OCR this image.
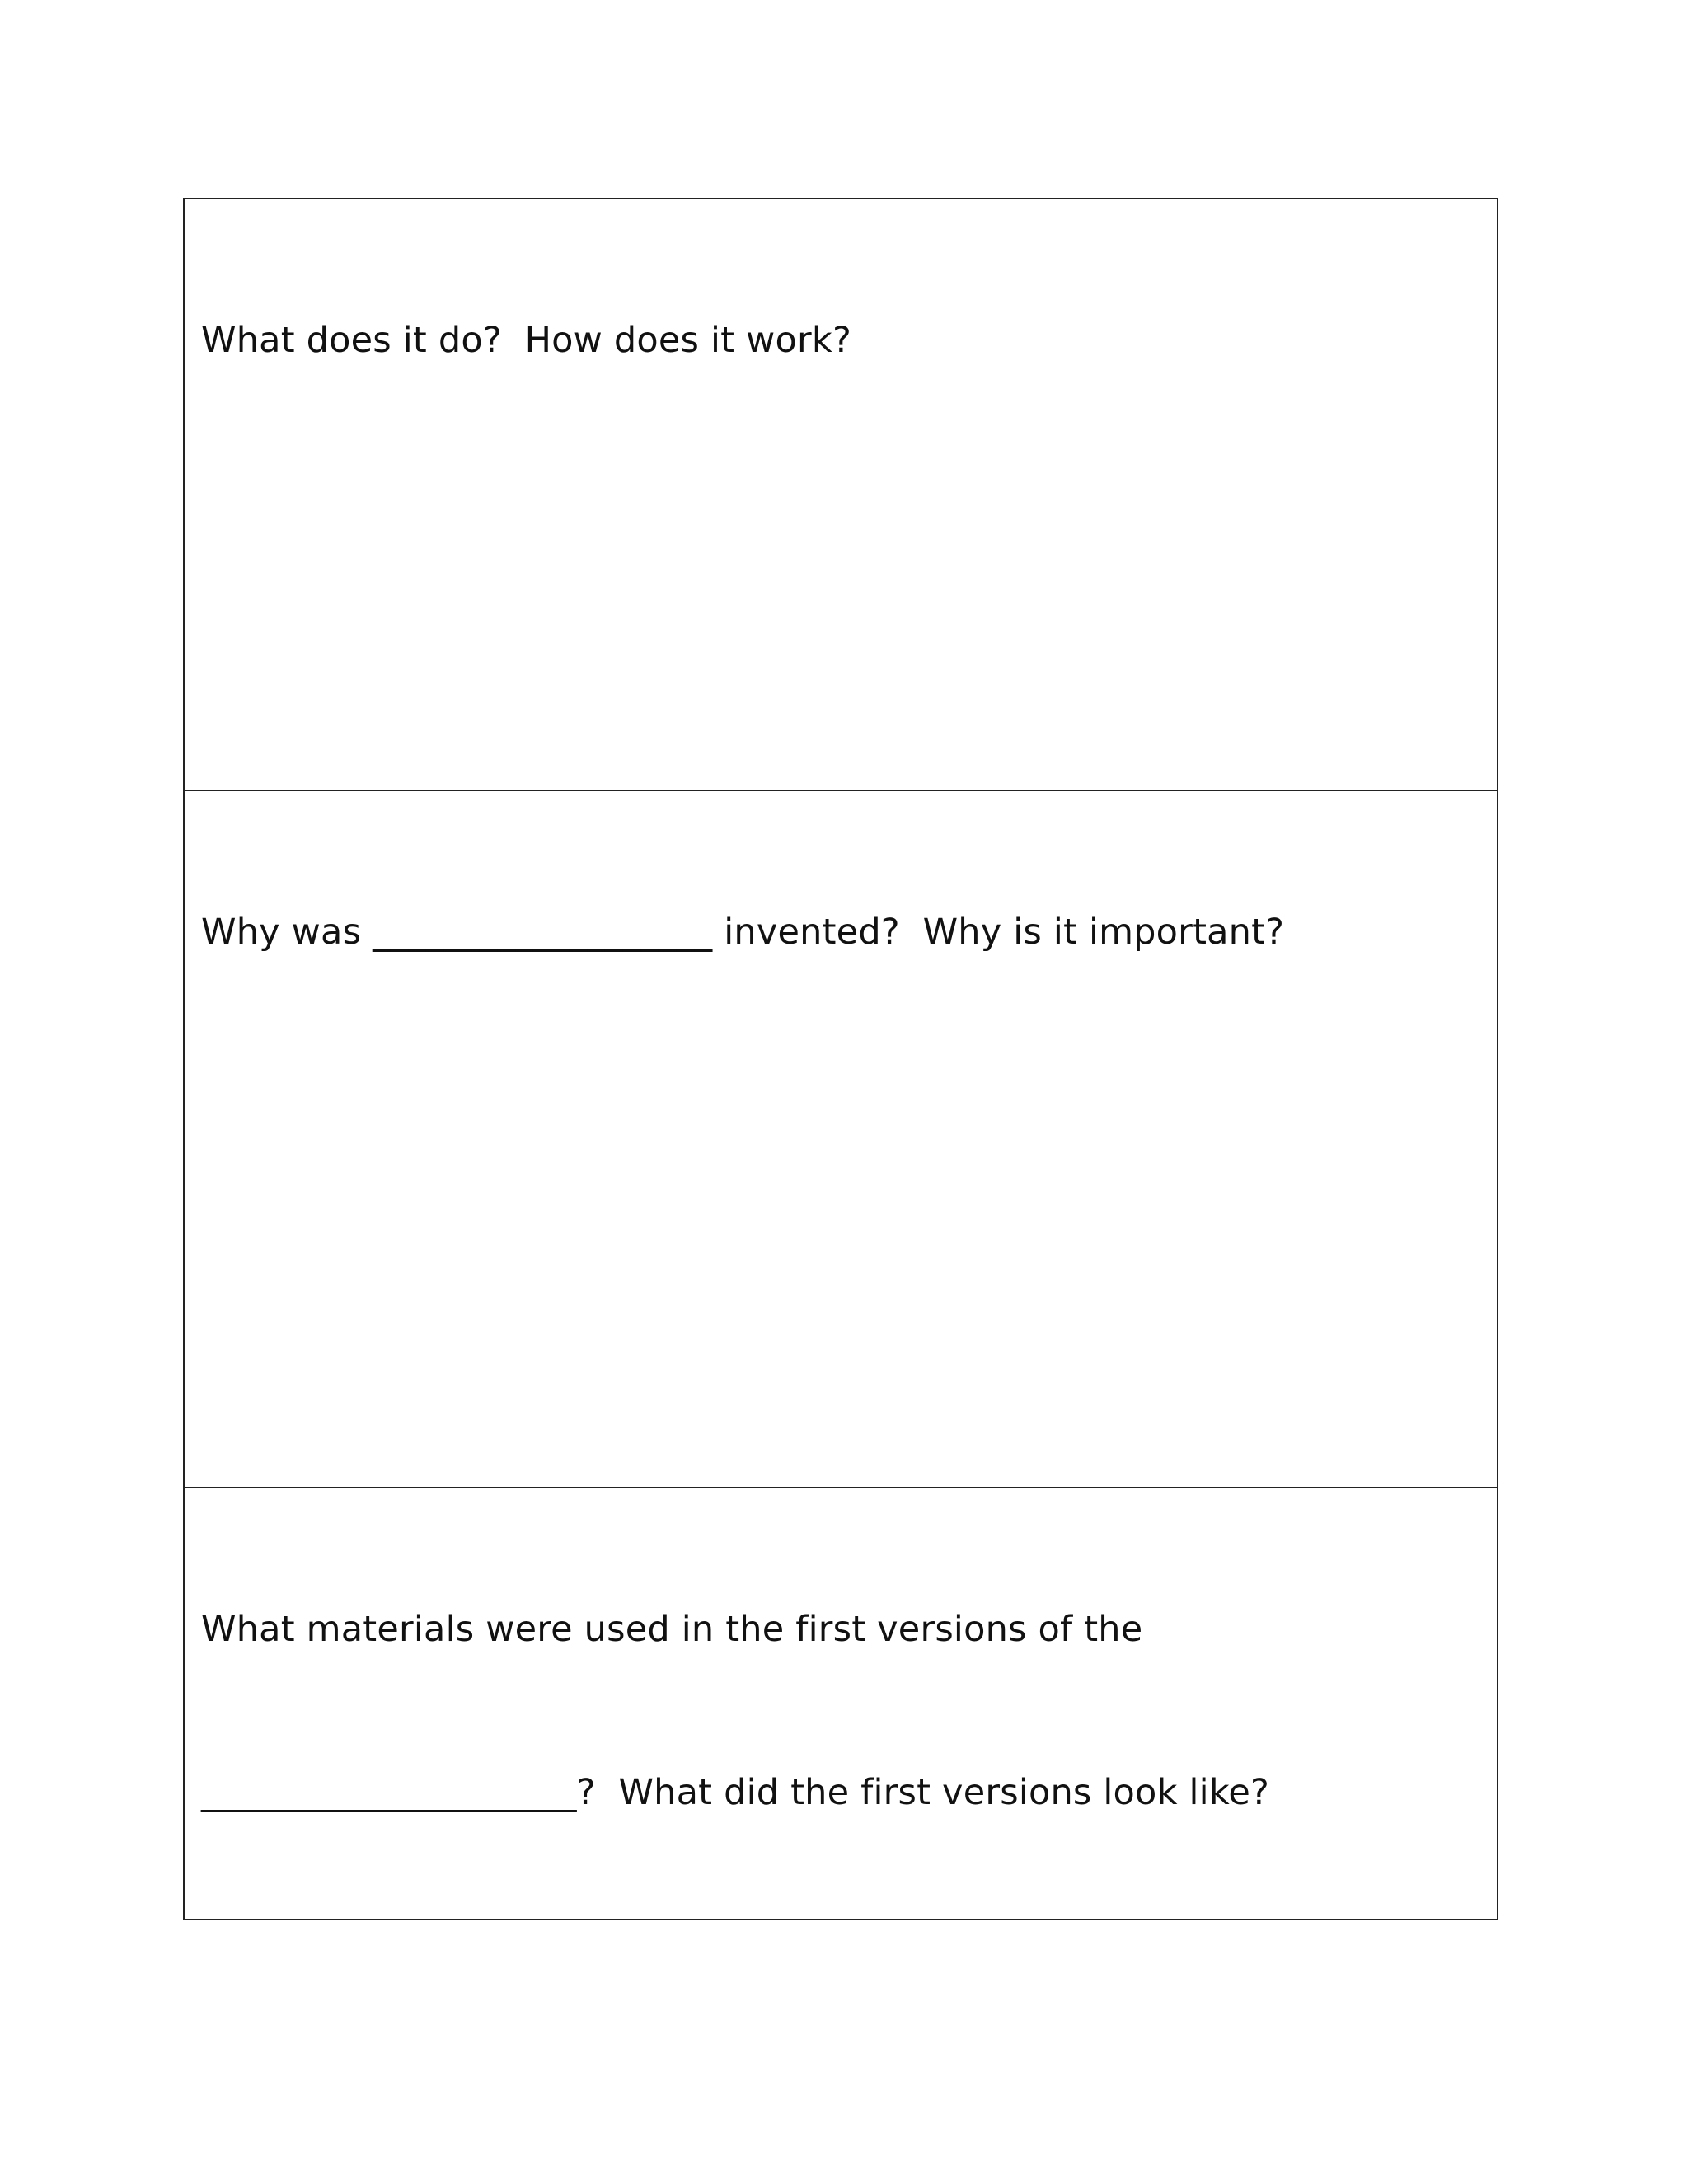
What does it do?  How does it work?

Why was ___________________ invented?  Why is it important?

What materials were used in the first versions of the

_____________________?  What did the first versions look like?
